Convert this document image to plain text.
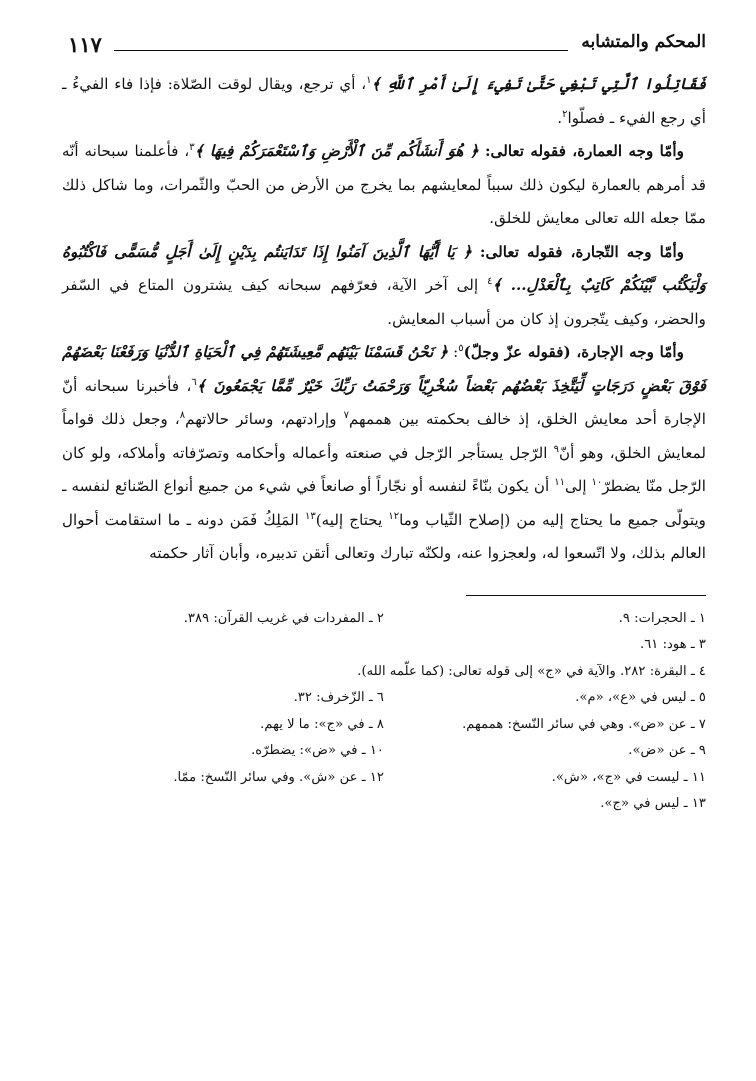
١١٧	المحكم والمتشابه

فَقَاتِلُوا ٱلَّتِي تَبْغِي حَتَّىٰ تَفِيءَ إِلَىٰ أَمْرِ ٱللَّهِ ﴾$^١$، أي ترجع، ويقال لوقت الصّلاة: فإذا فاء الفيءُ ـ أي رجع الفيء ـ فصلّوا$^٢$.

وأمّا وجه العمارة، فقوله تعالى: ﴿ هُوَ أَنشَأَكُم مِّنَ ٱلْأَرْضِ وَٱسْتَعْمَرَكُمْ فِيهَا ﴾$^٣$، فأعلمنا سبحانه أنّه قد أمرهم بالعمارة ليكون ذلك سبباً لمعايشهم بما يخرج من الأرض من الحبّ والثّمرات، وما شاكل ذلك ممّا جعله الله تعالى معايش للخلق.

وأمّا وجه التّجارة، فقوله تعالى: ﴿ يَا أَيُّهَا ٱلَّذِينَ آمَنُوا إِذَا تَدَايَنتُم بِدَيْنٍ إِلَىٰ أَجَلٍ مُّسَمًّى فَاكْتُبُوهُ وَلْيَكْتُب بَّيْنَكُمْ كَاتِبٌ بِٱلْعَدْلِ... ﴾$^٤$ إلى آخر الآية، فعرّفهم سبحانه كيف يشترون المتاع في السّفر والحضر، وكيف يتّجرون إذ كان من أسباب المعايش.

وأمّا وجه الإجارة، (فقوله عزّ وجلّ)$^٥$: ﴿ نَحْنُ قَسَمْنَا بَيْنَهُم مَّعِيشَتَهُمْ فِي ٱلْحَيَاةِ ٱلدُّنْيَا وَرَفَعْنَا بَعْضَهُمْ فَوْقَ بَعْضٍ دَرَجَاتٍ لِّيَتَّخِذَ بَعْضُهُم بَعْضاً سُخْرِيّاً وَرَحْمَتُ رَبِّكَ خَيْرٌ مِّمَّا يَجْمَعُونَ ﴾$^٦$، فأخبرنا سبحانه أنّ الإجارة أحد معايش الخلق، إذ خالف بحكمته بين هممهم$^٧$ وإرادتهم، وسائر حالاتهم$^٨$، وجعل ذلك قواماً لمعايش الخلق، وهو أنّ$^٩$ الرّجل يستأجر الرّجل في صنعته وأعماله وأحكامه وتصرّفاته وأملاكه، ولو كان الرّجل منّا يضطرّ$^{١٠}$ إلى$^{١١}$ أن يكون بنّاءً لنفسه أو نجّاراً أو صانعاً في شيء من جميع أنواع الصّنائع لنفسه ـ ويتولّى جميع ما يحتاج إليه من (إصلاح الثّياب وما$^{١٢}$ يحتاج إليه)$^{١٣}$ المَلِكُ فَمَن دونه ـ ما استقامت أحوال العالم بذلك، ولا اتّسعوا له، ولعجزوا عنه، ولكنّه تبارك وتعالى أتقن تدبيره، وأبان آثار حكمته

١ ـ الحجرات: ٩.
٢ ـ المفردات في غريب القرآن: ٣٨٩.
٣ ـ هود: ٦١.
٤ ـ البقرة: ٢٨٢. والآية في «ج» إلى قوله تعالى: (كما علّمه الله).
٥ ـ ليس في «ع»، «م».
٦ ـ الزّخرف: ٣٢.
٧ ـ عن «ض». وهي في سائر النّسخ: هممهم.
٨ ـ في «ج»: ما لا يهم.
٩ ـ عن «ض».
١٠ ـ في «ض»: يضطرّه.
١١ ـ ليست في «ج»، «ش».
١٢ ـ عن «ش». وفي سائر النّسخ: ممّا.
١٣ ـ ليس في «ج».
